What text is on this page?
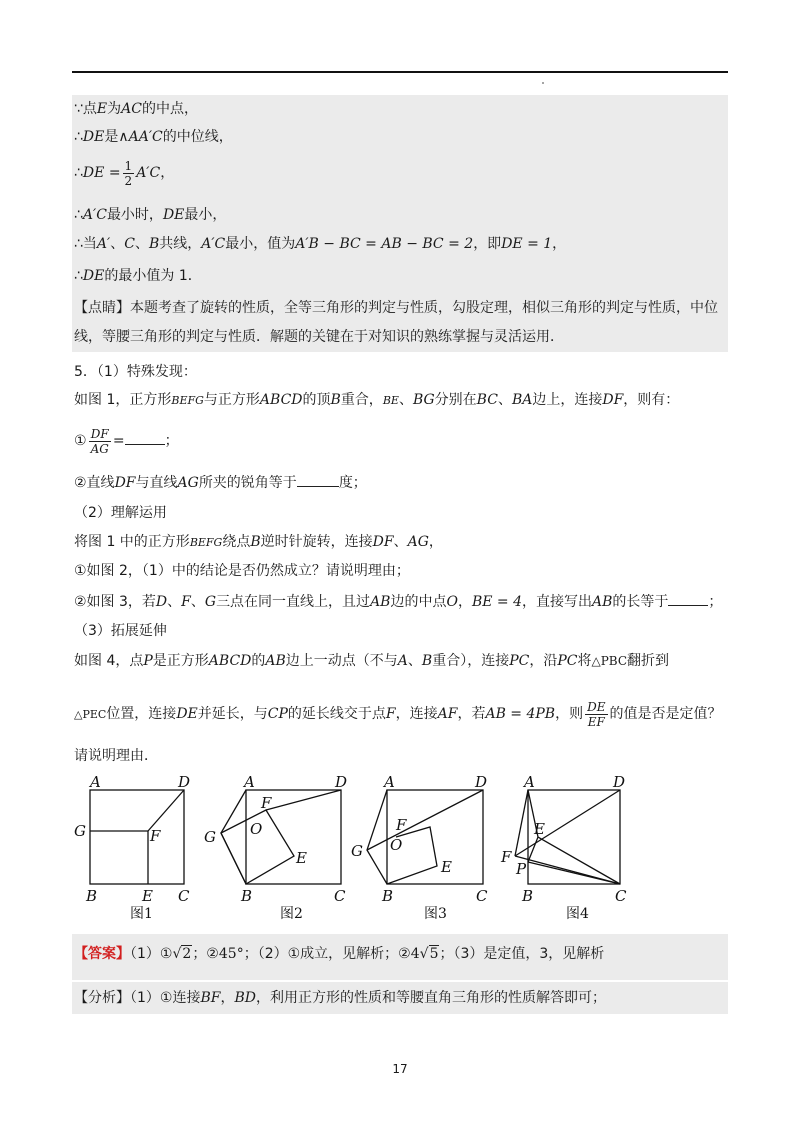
∵点E为AC的中点，
∴DE是∧AA′C的中位线，
∴DE = $\frac{1}{2} A'C$，
∴A′C最小时，DE最小，
∴当A′、C、B共线，A′C最小，值为A′B − BC = AB − BC = 2，即DE = 1，
∴DE的最小值为 1．
【点睛】本题考查了旋转的性质，全等三角形的判定与性质，勾股定理，相似三角形的判定与性质，中位
线，等腰三角形的判定与性质．解题的关键在于对知识的熟练掌握与灵活运用．
5．（1）特殊发现：
如图 1，正方形BEFG与正方形ABCD的顶B重合，BE、BG分别在BC、BA边上，连接DF，则有：
① $\frac{DF}{AG}$ =	；
②直线DF与直线AG所夹的锐角等于	度；
（2）理解运用
将图 1 中的正方形BEFG绕点B逆时针旋转，连接DF、AG，
①如图 2，（1）中的结论是否仍然成立？请说明理由；
②如图 3，若D、F、G三点在同一直线上，且过AB边的中点O，BE = 4，直接写出AB的长等于	；
（3）拓展延伸
如图 4，点P是正方形ABCD的AB边上一动点（不与A、B重合），连接PC，沿PC将△PBC翻折到
△PEC位置，连接DE并延长，与CP的延长线交于点F，连接AF，若AB = 4PB，则 $\frac{DE}{EF}$ 的值是否是定值？
请说明理由．
A	D
G	F
B	E C
图1
A	D
G
F
O
E
B	C
图2
A	D
G
F
O
E
B	C
图3
A	D
F
E
P
B	C
图4
【答案】（1）①√2；②45°；（2）①成立，见解析；②4√5；（3）是定值，3，见解析
【分析】（1）①连接BF，BD，利用正方形的性质和等腰直角三角形的性质解答即可；
17
